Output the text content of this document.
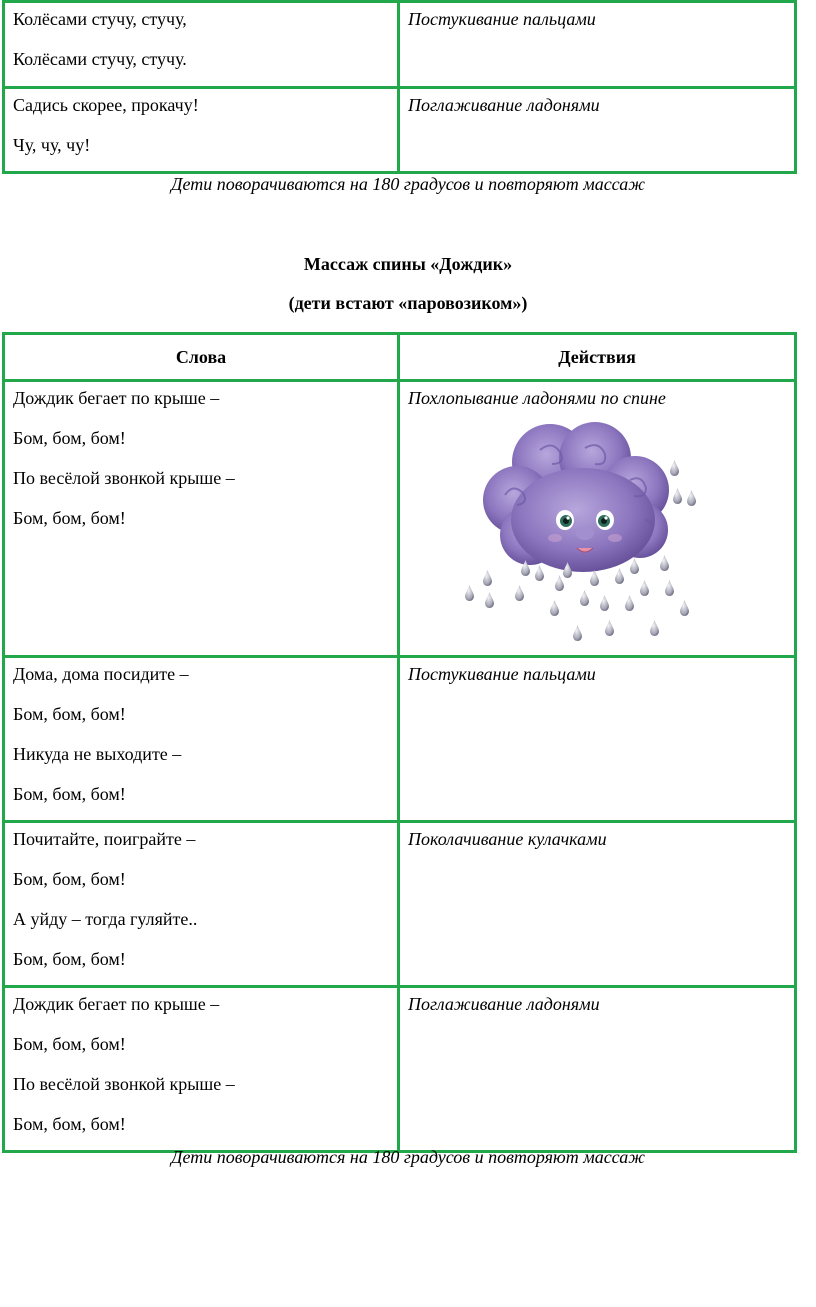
Колёсами стучу, стучу,
Колёсами стучу, стучу.	Постукивание пальцами

Садись скорее, прокачу!
Чу, чу, чу!	Поглаживание ладонями
Дети поворачиваются на 180 градусов и повторяют массаж
Массаж спины «Дождик»
(дети встают «паровозиком»)
Слова	Действия

Дождик бегает по крыше –
Бом, бом, бом!
По весёлой звонкой крыше –
Бом, бом, бом!	Похлопывание ладонями по спине

Дома, дома посидите –
Бом, бом, бом!
Никуда не выходите –
Бом, бом, бом!	Постукивание пальцами

Почитайте, поиграйте –
Бом, бом, бом!
А уйду – тогда гуляйте..
Бом, бом, бом!	Поколачивание кулачками

Дождик бегает по крыше –
Бом, бом, бом!
По весёлой звонкой крыше –
Бом, бом, бом!	Поглаживание ладонями
Дети поворачиваются на 180 градусов и повторяют массаж
